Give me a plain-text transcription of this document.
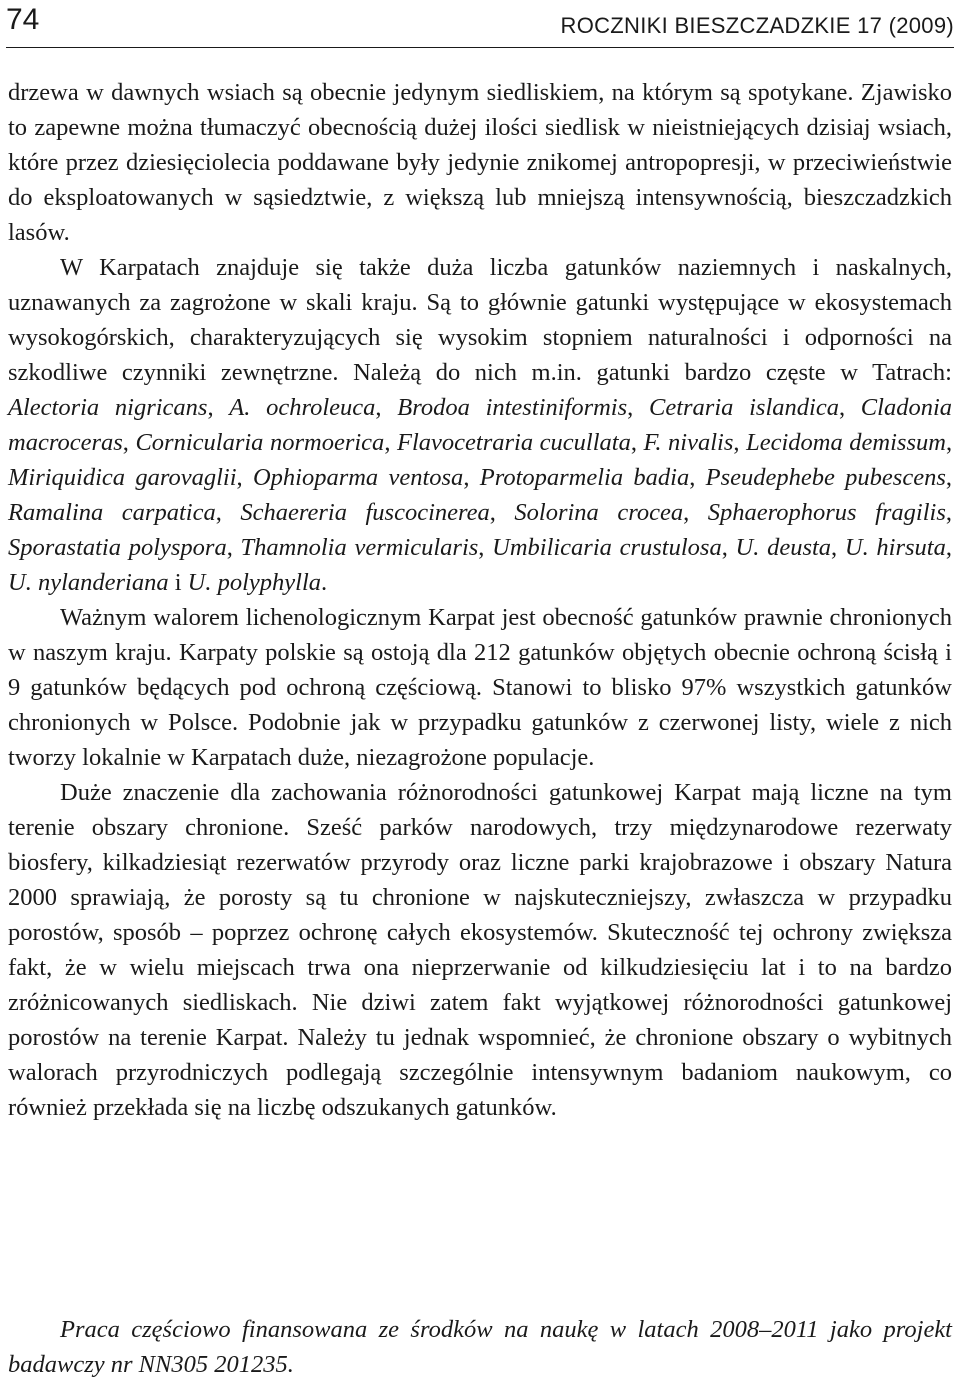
74	ROCZNIKI BIESZCZADZKIE 17 (2009)

drzewa w dawnych wsiach są obecnie jedynym siedliskiem, na którym są spotykane. Zjawisko to zapewne można tłumaczyć obecnością dużej ilości siedlisk w nieistniejących dzisiaj wsiach, które przez dziesięciolecia poddawane były jedynie znikomej antropopresji, w przeciwieństwie do eksploatowanych w sąsiedztwie, z większą lub mniejszą intensywnością, bieszczadzkich lasów.

W Karpatach znajduje się także duża liczba gatunków naziemnych i naskalnych, uznawanych za zagrożone w skali kraju. Są to głównie gatunki występujące w ekosystemach wysokogórskich, charakteryzujących się wysokim stopniem naturalności i odporności na szkodliwe czynniki zewnętrzne. Należą do nich m.in. gatunki bardzo częste w Tatrach: Alectoria nigricans, A. ochroleuca, Brodoa intestiniformis, Cetraria islandica, Cladonia macroceras, Cornicularia normoerica, Flavocetraria cucullata, F. nivalis, Lecidoma demissum, Miriquidica garovaglii, Ophioparma ventosa, Protoparmelia badia, Pseudephebe pubescens, Ramalina carpatica, Schaereria fuscocinerea, Solorina crocea, Sphaerophorus fragilis, Sporastatia polyspora, Thamnolia vermicularis, Umbilicaria crustulosa, U. deusta, U. hirsuta, U. nylanderiana i U. polyphylla.

Ważnym walorem lichenologicznym Karpat jest obecność gatunków prawnie chronionych w naszym kraju. Karpaty polskie są ostoją dla 212 gatunków objętych obecnie ochroną ścisłą i 9 gatunków będących pod ochroną częściową. Stanowi to blisko 97% wszystkich gatunków chronionych w Polsce. Podobnie jak w przypadku gatunków z czerwonej listy, wiele z nich tworzy lokalnie w Karpatach duże, niezagrożone populacje.

Duże znaczenie dla zachowania różnorodności gatunkowej Karpat mają liczne na tym terenie obszary chronione. Sześć parków narodowych, trzy międzynarodowe rezerwaty biosfery, kilkadziesiąt rezerwatów przyrody oraz liczne parki krajobrazowe i obszary Natura 2000 sprawiają, że porosty są tu chronione w najskuteczniejszy, zwłaszcza w przypadku porostów, sposób – poprzez ochronę całych ekosystemów. Skuteczność tej ochrony zwiększa fakt, że w wielu miejscach trwa ona nieprzerwanie od kilkudziesięciu lat i to na bardzo zróżnicowanych siedliskach. Nie dziwi zatem fakt wyjątkowej różnorodności gatunkowej porostów na terenie Karpat. Należy tu jednak wspomnieć, że chronione obszary o wybitnych walorach przyrodniczych podlegają szczególnie intensywnym badaniom naukowym, co również przekłada się na liczbę odszukanych gatunków.

Praca częściowo finansowana ze środków na naukę w latach 2008–2011 jako projekt badawczy nr NN305 201235.
